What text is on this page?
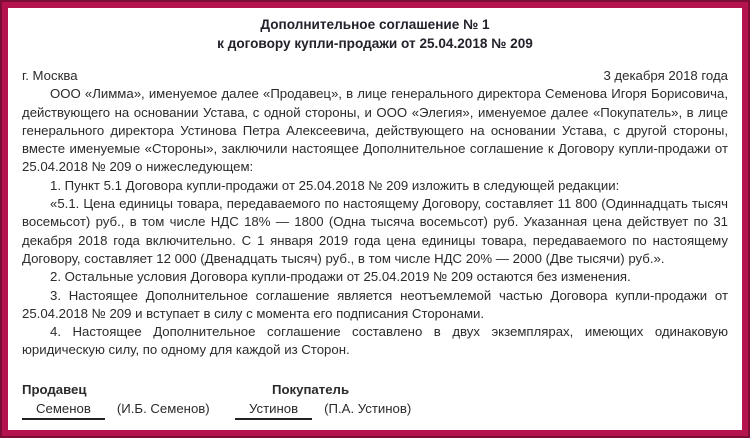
Дополнительное соглашение № 1
к договору купли-продажи от 25.04.2018 № 209
г. Москва	3 декабря 2018 года

ООО «Лимма», именуемое далее «Продавец», в лице генерального директора Семенова Игоря Борисовича, действующего на основании Устава, с одной стороны, и ООО «Элегия», именуемое далее «Покупатель», в лице генерального директора Устинова Петра Алексеевича, действующего на основании Устава, с другой стороны, вместе именуемые «Стороны», заключили настоящее Дополнительное соглашение к Договору купли-продажи от 25.04.2018 № 209 о нижеследующем:

1. Пункт 5.1 Договора купли-продажи от 25.04.2018 № 209 изложить в следующей редакции:

«5.1. Цена единицы товара, передаваемого по настоящему Договору, составляет 11 800 (Одиннадцать тысяч восемьсот) руб., в том числе НДС 18% — 1800 (Одна тысяча восемьсот) руб. Указанная цена действует по 31 декабря 2018 года включительно. С 1 января 2019 года цена единицы товара, передаваемого по настоящему Договору, составляет 12 000 (Двенадцать тысяч) руб., в том числе НДС 20% — 2000 (Две тысячи) руб.».

2. Остальные условия Договора купли-продажи от 25.04.2019 № 209 остаются без изменения.

3. Настоящее Дополнительное соглашение является неотъемлемой частью Договора купли-продажи от 25.04.2018 № 209 и вступает в силу с момента его подписания Сторонами.

4. Настоящее Дополнительное соглашение составлено в двух экземплярах, имеющих одинаковую юридическую силу, по одному для каждой из Сторон.

Продавец
Семенов	(И.Б. Семенов)
Покупатель
Устинов	(П.А. Устинов)
